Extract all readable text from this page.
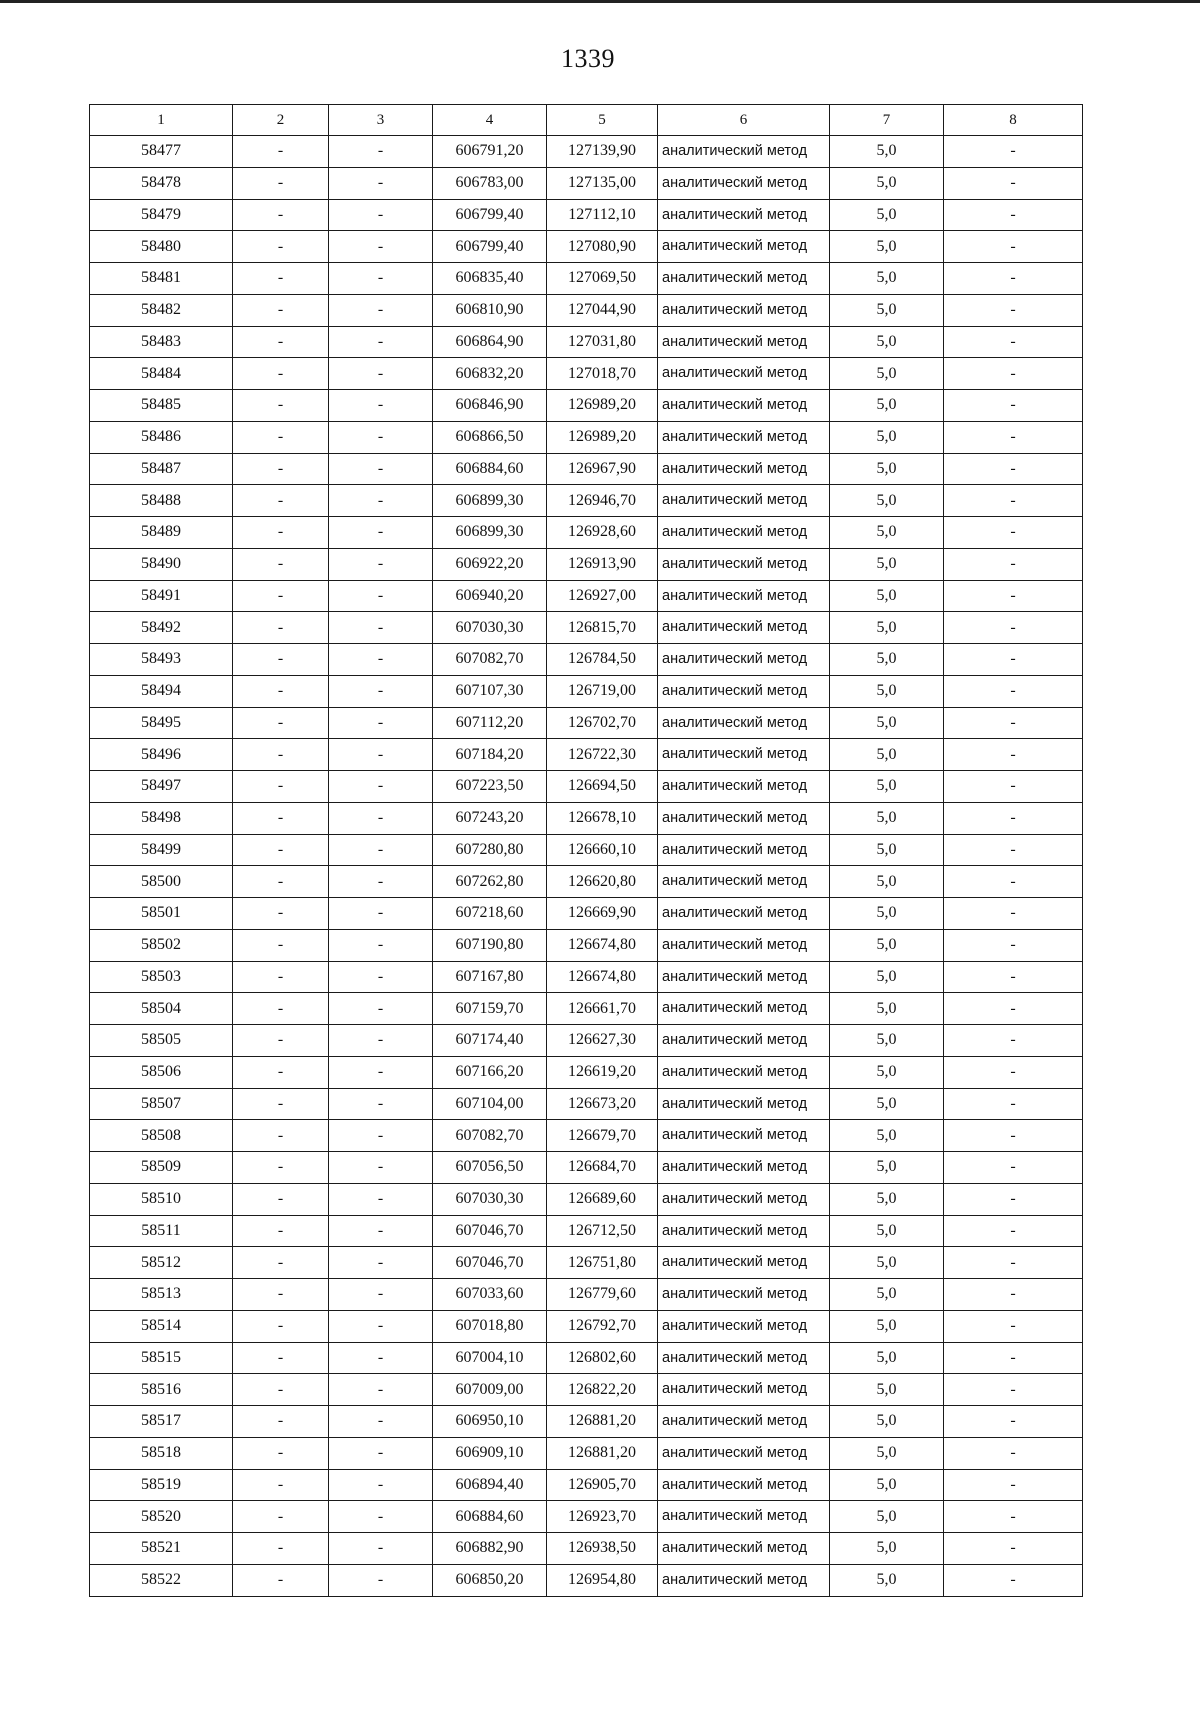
1339
1	2	3	4	5	6	7	8
58477	-	-	606791,20	127139,90	аналитический метод	5,0	-
58478	-	-	606783,00	127135,00	аналитический метод	5,0	-
58479	-	-	606799,40	127112,10	аналитический метод	5,0	-
58480	-	-	606799,40	127080,90	аналитический метод	5,0	-
58481	-	-	606835,40	127069,50	аналитический метод	5,0	-
58482	-	-	606810,90	127044,90	аналитический метод	5,0	-
58483	-	-	606864,90	127031,80	аналитический метод	5,0	-
58484	-	-	606832,20	127018,70	аналитический метод	5,0	-
58485	-	-	606846,90	126989,20	аналитический метод	5,0	-
58486	-	-	606866,50	126989,20	аналитический метод	5,0	-
58487	-	-	606884,60	126967,90	аналитический метод	5,0	-
58488	-	-	606899,30	126946,70	аналитический метод	5,0	-
58489	-	-	606899,30	126928,60	аналитический метод	5,0	-
58490	-	-	606922,20	126913,90	аналитический метод	5,0	-
58491	-	-	606940,20	126927,00	аналитический метод	5,0	-
58492	-	-	607030,30	126815,70	аналитический метод	5,0	-
58493	-	-	607082,70	126784,50	аналитический метод	5,0	-
58494	-	-	607107,30	126719,00	аналитический метод	5,0	-
58495	-	-	607112,20	126702,70	аналитический метод	5,0	-
58496	-	-	607184,20	126722,30	аналитический метод	5,0	-
58497	-	-	607223,50	126694,50	аналитический метод	5,0	-
58498	-	-	607243,20	126678,10	аналитический метод	5,0	-
58499	-	-	607280,80	126660,10	аналитический метод	5,0	-
58500	-	-	607262,80	126620,80	аналитический метод	5,0	-
58501	-	-	607218,60	126669,90	аналитический метод	5,0	-
58502	-	-	607190,80	126674,80	аналитический метод	5,0	-
58503	-	-	607167,80	126674,80	аналитический метод	5,0	-
58504	-	-	607159,70	126661,70	аналитический метод	5,0	-
58505	-	-	607174,40	126627,30	аналитический метод	5,0	-
58506	-	-	607166,20	126619,20	аналитический метод	5,0	-
58507	-	-	607104,00	126673,20	аналитический метод	5,0	-
58508	-	-	607082,70	126679,70	аналитический метод	5,0	-
58509	-	-	607056,50	126684,70	аналитический метод	5,0	-
58510	-	-	607030,30	126689,60	аналитический метод	5,0	-
58511	-	-	607046,70	126712,50	аналитический метод	5,0	-
58512	-	-	607046,70	126751,80	аналитический метод	5,0	-
58513	-	-	607033,60	126779,60	аналитический метод	5,0	-
58514	-	-	607018,80	126792,70	аналитический метод	5,0	-
58515	-	-	607004,10	126802,60	аналитический метод	5,0	-
58516	-	-	607009,00	126822,20	аналитический метод	5,0	-
58517	-	-	606950,10	126881,20	аналитический метод	5,0	-
58518	-	-	606909,10	126881,20	аналитический метод	5,0	-
58519	-	-	606894,40	126905,70	аналитический метод	5,0	-
58520	-	-	606884,60	126923,70	аналитический метод	5,0	-
58521	-	-	606882,90	126938,50	аналитический метод	5,0	-
58522	-	-	606850,20	126954,80	аналитический метод	5,0	-
